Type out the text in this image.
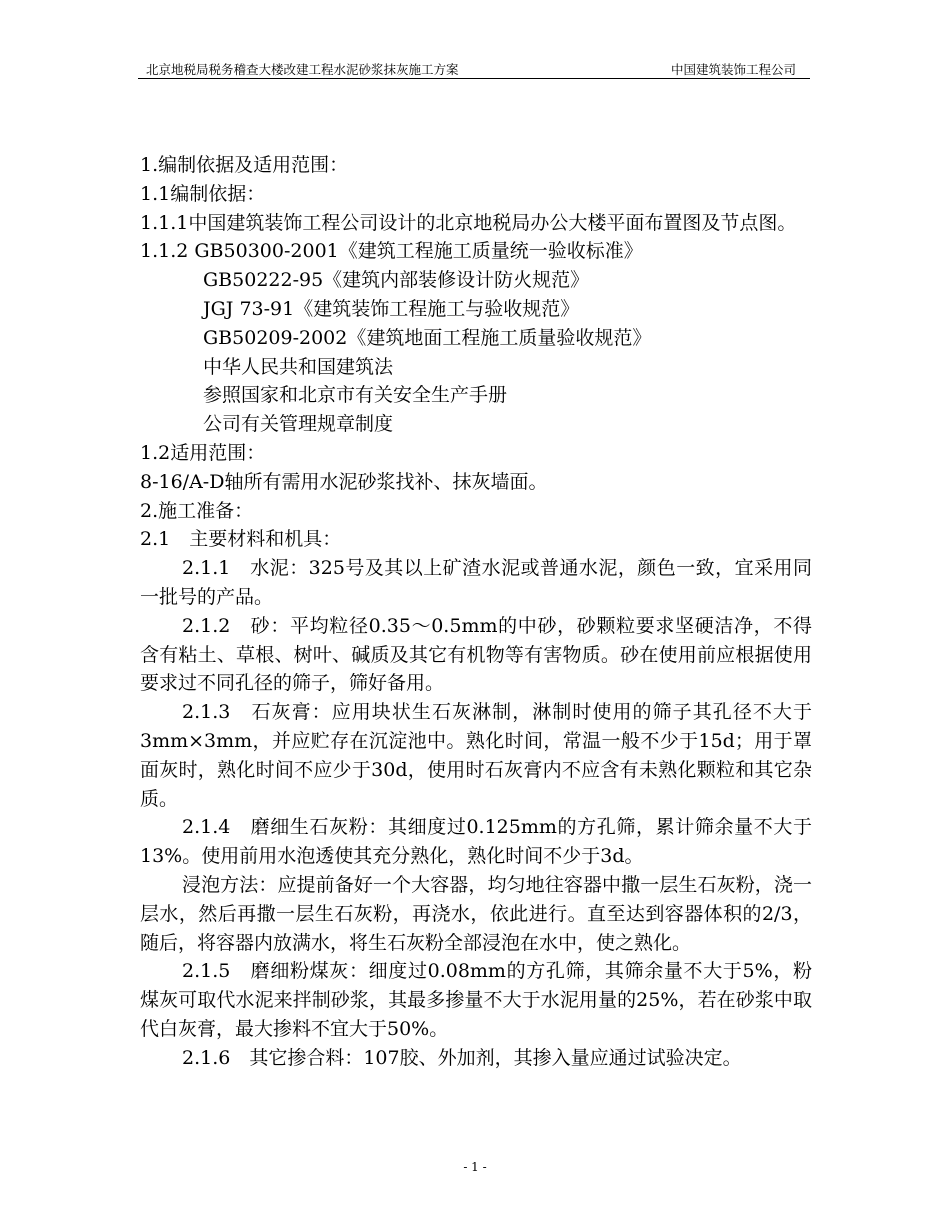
北京地税局税务稽查大楼改建工程水泥砂浆抹灰施工方案	中国建筑装饰工程公司

1.编制依据及适用范围：

1.1编制依据：

1.1.1中国建筑装饰工程公司设计的北京地税局办公大楼平面布置图及节点图。

1.1.2 GB50300-2001《建筑工程施工质量统一验收标准》

GB50222-95《建筑内部装修设计防火规范》

JGJ 73-91《建筑装饰工程施工与验收规范》

GB50209-2002《建筑地面工程施工质量验收规范》

中华人民共和国建筑法

参照国家和北京市有关安全生产手册

公司有关管理规章制度

1.2适用范围：

8-16/A-D轴所有需用水泥砂浆找补、抹灰墙面。

2.施工准备：

2.1　主要材料和机具：

2.1.1　水泥：325号及其以上矿渣水泥或普通水泥，颜色一致，宜采用同一批号的产品。

2.1.2　砂：平均粒径0.35～0.5mm的中砂，砂颗粒要求坚硬洁净，不得含有粘土、草根、树叶、碱质及其它有机物等有害物质。砂在使用前应根据使用要求过不同孔径的筛子，筛好备用。

2.1.3　石灰膏：应用块状生石灰淋制，淋制时使用的筛子其孔径不大于3mm×3mm，并应贮存在沉淀池中。熟化时间，常温一般不少于15d；用于罩面灰时，熟化时间不应少于30d，使用时石灰膏内不应含有未熟化颗粒和其它杂质。

2.1.4　磨细生石灰粉：其细度过0.125mm的方孔筛，累计筛余量不大于13%。使用前用水泡透使其充分熟化，熟化时间不少于3d。

浸泡方法：应提前备好一个大容器，均匀地往容器中撒一层生石灰粉，浇一层水，然后再撒一层生石灰粉，再浇水，依此进行。直至达到容器体积的2/3，随后，将容器内放满水，将生石灰粉全部浸泡在水中，使之熟化。

2.1.5　磨细粉煤灰：细度过0.08mm的方孔筛，其筛余量不大于5%，粉煤灰可取代水泥来拌制砂浆，其最多掺量不大于水泥用量的25%，若在砂浆中取代白灰膏，最大掺料不宜大于50%。

2.1.6　其它掺合料：107胶、外加剂，其掺入量应通过试验决定。

- 1 -
